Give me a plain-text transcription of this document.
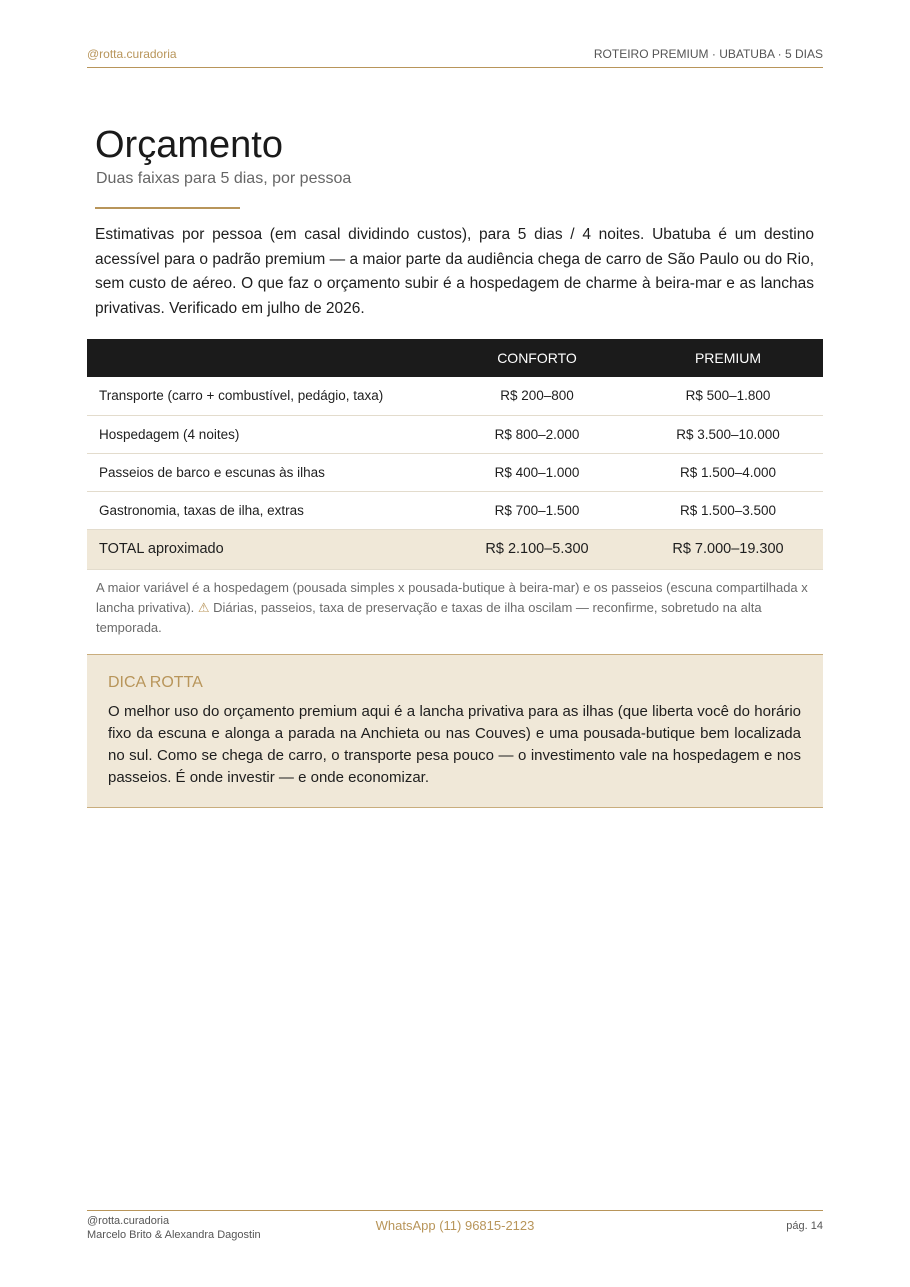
@rotta.curadoria	ROTEIRO PREMIUM · UBATUBA · 5 DIAS
Orçamento
Duas faixas para 5 dias, por pessoa

Estimativas por pessoa (em casal dividindo custos), para 5 dias / 4 noites. Ubatuba é um destino acessível para o padrão premium — a maior parte da audiência chega de carro de São Paulo ou do Rio, sem custo de aéreo. O que faz o orçamento subir é a hospedagem de charme à beira-mar e as lanchas privativas. Verificado em julho de 2026.

	CONFORTO	PREMIUM
Transporte (carro + combustível, pedágio, taxa)	R$ 200–800	R$ 500–1.800
Hospedagem (4 noites)	R$ 800–2.000	R$ 3.500–10.000
Passeios de barco e escunas às ilhas	R$ 400–1.000	R$ 1.500–4.000
Gastronomia, taxas de ilha, extras	R$ 700–1.500	R$ 1.500–3.500
TOTAL aproximado	R$ 2.100–5.300	R$ 7.000–19.300

A maior variável é a hospedagem (pousada simples x pousada-butique à beira-mar) e os passeios (escuna compartilhada x lancha privativa). ⚠ Diárias, passeios, taxa de preservação e taxas de ilha oscilam — reconfirme, sobretudo na alta temporada.

DICA ROTTA

O melhor uso do orçamento premium aqui é a lancha privativa para as ilhas (que liberta você do horário fixo da escuna e alonga a parada na Anchieta ou nas Couves) e uma pousada-butique bem localizada no sul. Como se chega de carro, o transporte pesa pouco — o investimento vale na hospedagem e nos passeios. É onde investir — e onde economizar.

@rotta.curadoria
Marcelo Brito & Alexandra Dagostin
WhatsApp (11) 96815-2123	pág. 14
